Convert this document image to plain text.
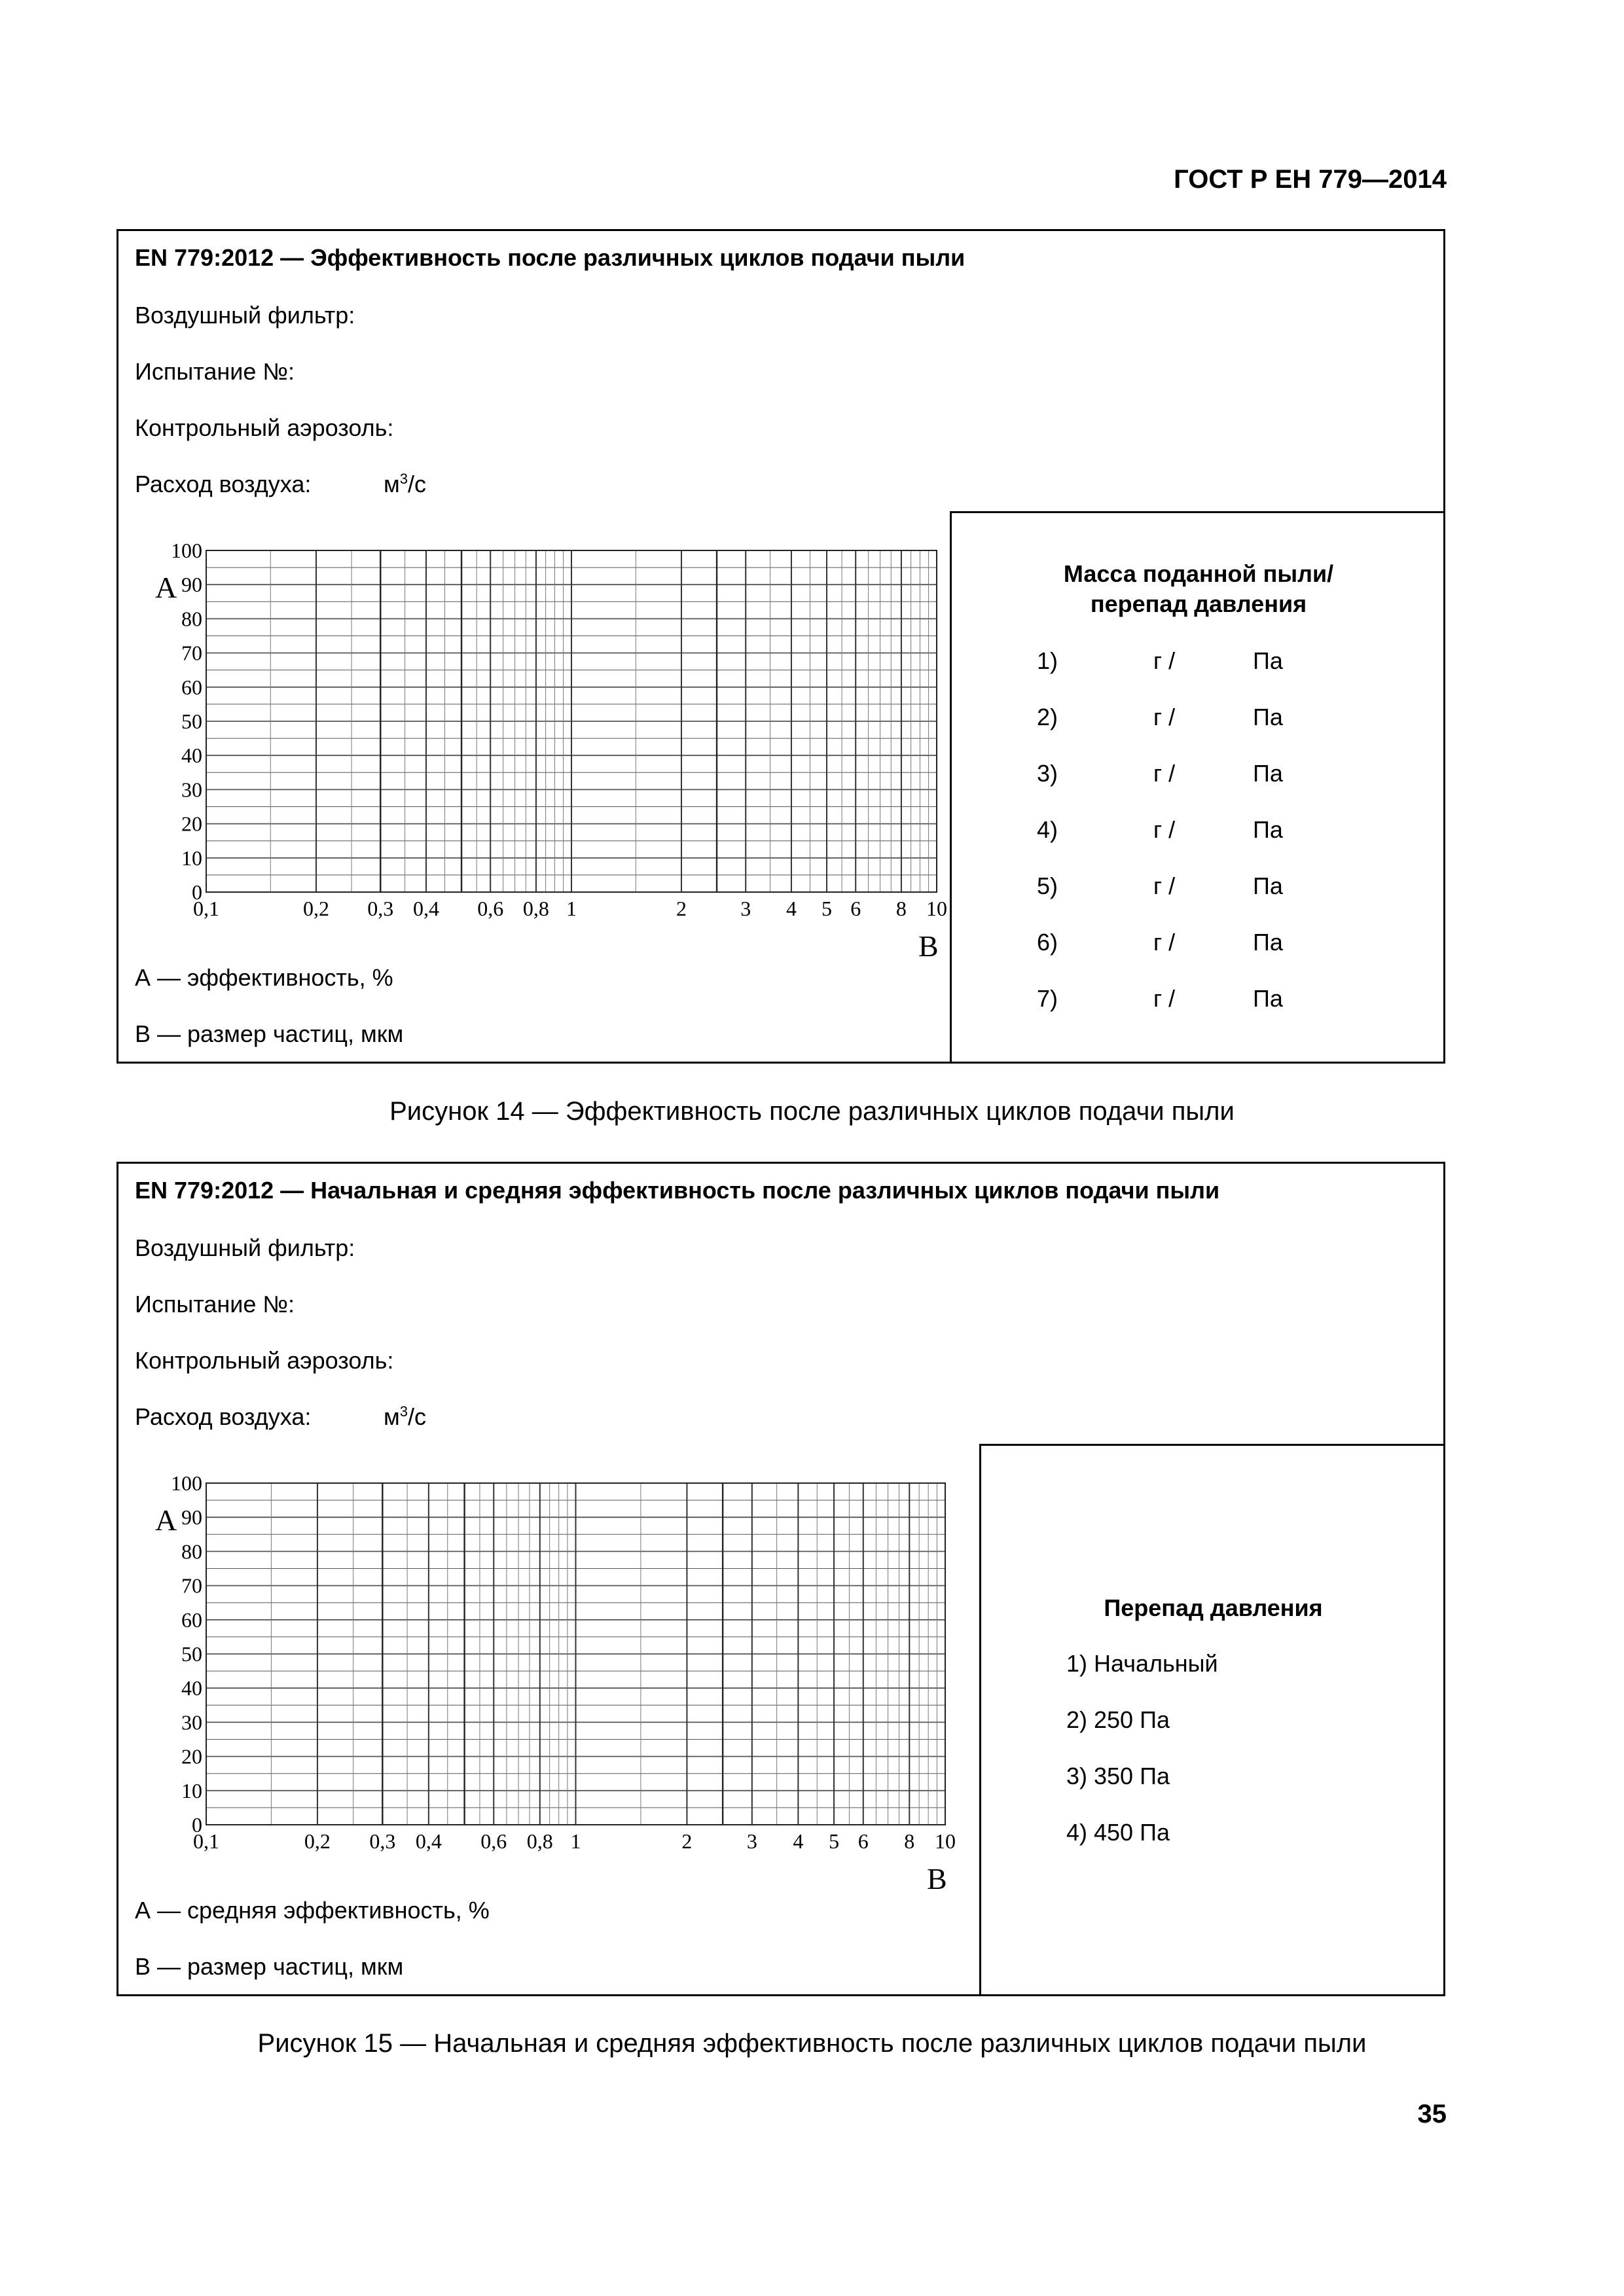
ГОСТ Р ЕН 779—2014
EN 779:2012 — Эффективность после различных циклов подачи пыли
Воздушный фильтр:
Испытание №:
Контрольный аэрозоль:
Расход воздуха:	$м^3/с$
0
10
20
30
40
50
60
70
80
90
100
0,1	0,2 0,3 0,4 0,6 0,8 1	2	3 4 5 6 8 10
A
B
А — эффективность, %
В — размер частиц, мкм
Масса поданной пыли/
перепад давления
1)	г /	Па
2)	г /	Па
3)	г /	Па
4)	г /	Па
5)	г /	Па
6)	г /	Па
7)	г /	Па
Рисунок 14 — Эффективность после различных циклов подачи пыли
EN 779:2012 — Начальная и средняя эффективность после различных циклов подачи пыли
Воздушный фильтр:
Испытание №:
Контрольный аэрозоль:
Расход воздуха:	$м^3/с$
0
10
20
30
40
50
60
70
80
90
100
0,1	0,2 0,3 0,4 0,6 0,8 1	2	3 4 5 6 8 10
A
B
А — средняя эффективность, %
В — размер частиц, мкм
Перепад давления
1) Начальный
2) 250 Па
3) 350 Па
4) 450 Па
Рисунок 15 — Начальная и средняя эффективность после различных циклов подачи пыли
35
